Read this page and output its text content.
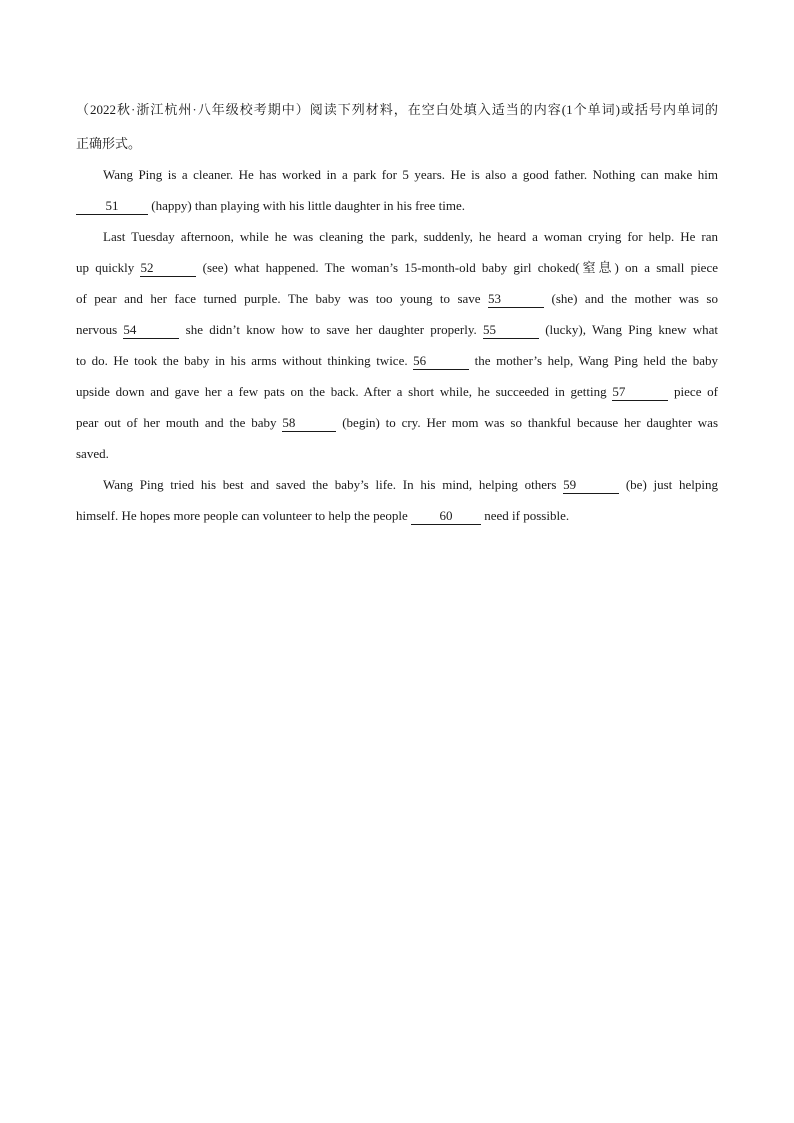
（2022秋·浙江杭州·八年级校考期中）阅读下列材料，在空白处填入适当的内容(1个单词)或括号内单词的
正确形式。
Wang Ping is a cleaner. He has worked in a park for 5 years. He is also a good father. Nothing can make him
51 (happy) than playing with his little daughter in his free time.
Last Tuesday afternoon, while he was cleaning the park, suddenly, he heard a woman crying for help. He ran
up quickly 52	(see) what happened. The woman’s 15-month-old baby girl choked(窒息) on a small piece
of pear and her face turned purple. The baby was too young to save 53	(she) and the mother was so
nervous 54	she didn’t know how to save her daughter properly. 55	(lucky), Wang Ping knew what
to do. He took the baby in his arms without thinking twice. 56	the mother’s help, Wang Ping held the baby
upside down and gave her a few pats on the back. After a short while, he succeeded in getting 57	piece of
pear out of her mouth and the baby 58	(begin) to cry. Her mom was so thankful because her daughter was
saved.
Wang Ping tried his best and saved the baby’s life. In his mind, helping others 59	(be) just helping
himself. He hopes more people can volunteer to help the people 60 need if possible.
